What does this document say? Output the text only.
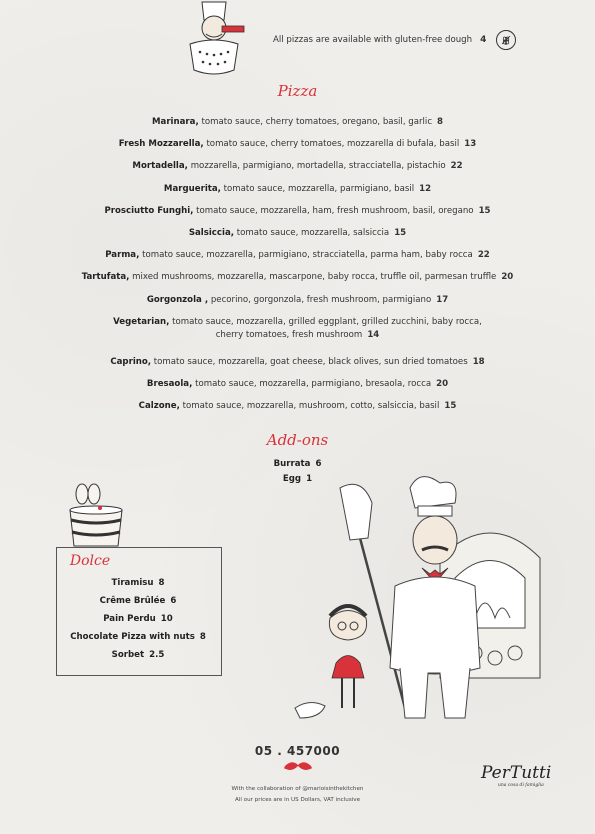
All pizzas are available with gluten-free dough 4
Pizza
Marinara, tomato sauce, cherry tomatoes, oregano, basil, garlic 8
Fresh Mozzarella, tomato sauce, cherry tomatoes, mozzarella di bufala, basil 13
Mortadella, mozzarella, parmigiano, mortadella, stracciatella, pistachio 22
Marguerita, tomato sauce, mozzarella, parmigiano, basil 12
Prosciutto Funghi, tomato sauce, mozzarella, ham, fresh mushroom, basil, oregano 15
Salsiccia, tomato sauce, mozzarella, salsiccia 15
Parma, tomato sauce, mozzarella, parmigiano, stracciatella, parma ham, baby rocca 22
Tartufata, mixed mushrooms, mozzarella, mascarpone, baby rocca, truffle oil, parmesan truffle 20
Gorgonzola , pecorino, gorgonzola, fresh mushroom, parmigiano 17
Vegetarian, tomato sauce, mozzarella, grilled eggplant, grilled zucchini, baby rocca,
cherry tomatoes, fresh mushroom 14
Caprino, tomato sauce, mozzarella, goat cheese, black olives, sun dried tomatoes 18
Bresaola, tomato sauce, mozzarella, parmigiano, bresaola, rocca 20
Calzone, tomato sauce, mozzarella, mushroom, cotto, salsiccia, basil 15
Add-ons
Burrata 6
Egg 1
Dolce
Tiramisu 8
Crême Brûlée 6
Pain Perdu 10
Chocolate Pizza with nuts 8
Sorbet 2.5
05 . 457000
With the collaboration of @marioisinthekitchen
All our prices are in US Dollars, VAT inclusive
PerTutti
una cosa di famiglia
